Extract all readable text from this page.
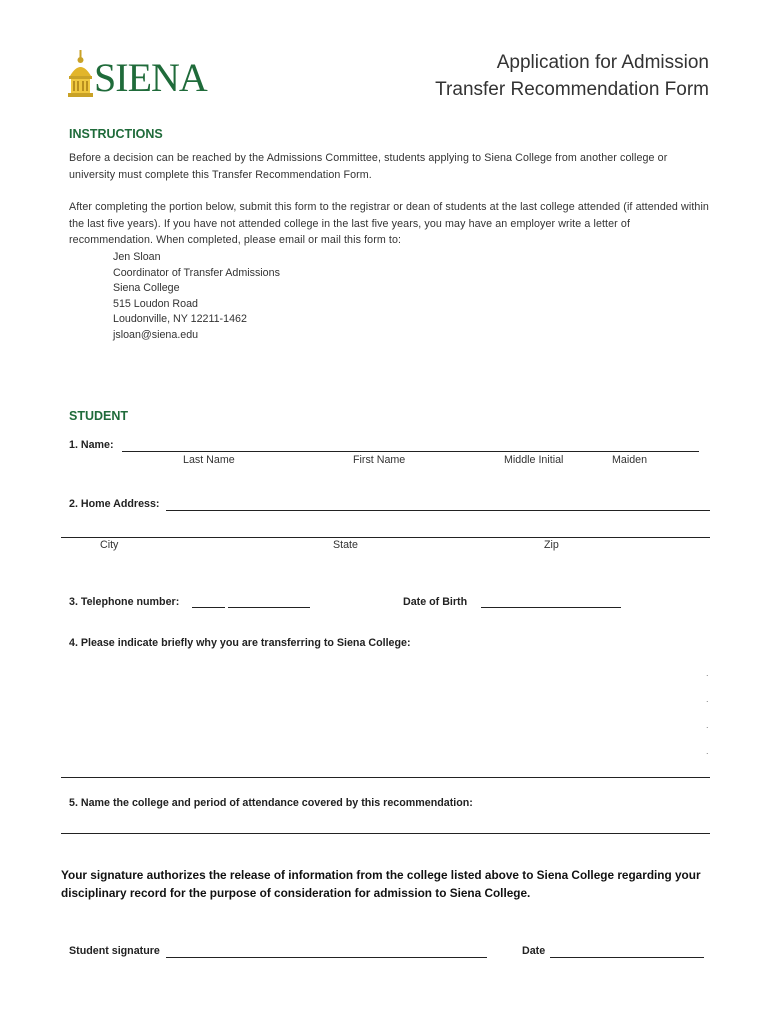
SIENA	Application for Admission
Transfer Recommendation Form
INSTRUCTIONS
Before a decision can be reached by the Admissions Committee, students applying to Siena College from another college or university must complete this Transfer Recommendation Form.
After completing the portion below, submit this form to the registrar or dean of students at the last college attended (if attended within the last five years). If you have not attended college in the last five years, you may have an employer write a letter of recommendation. When completed, please email or mail this form to:
Jen Sloan
Coordinator of Transfer Admissions
Siena College
515 Loudon Road
Loudonville, NY 12211-1462
jsloan@siena.edu
STUDENT
1. Name:
Last Name	First Name	Middle Initial	Maiden
2. Home Address:
City	State	Zip
3. Telephone number:	Date of Birth
4. Please indicate briefly why you are transferring to Siena College:
.
.
.
.
5. Name the college and period of attendance covered by this recommendation:
Your signature authorizes the release of information from the college listed above to Siena College regarding your disciplinary record for the purpose of consideration for admission to Siena College.
Student signature	Date
